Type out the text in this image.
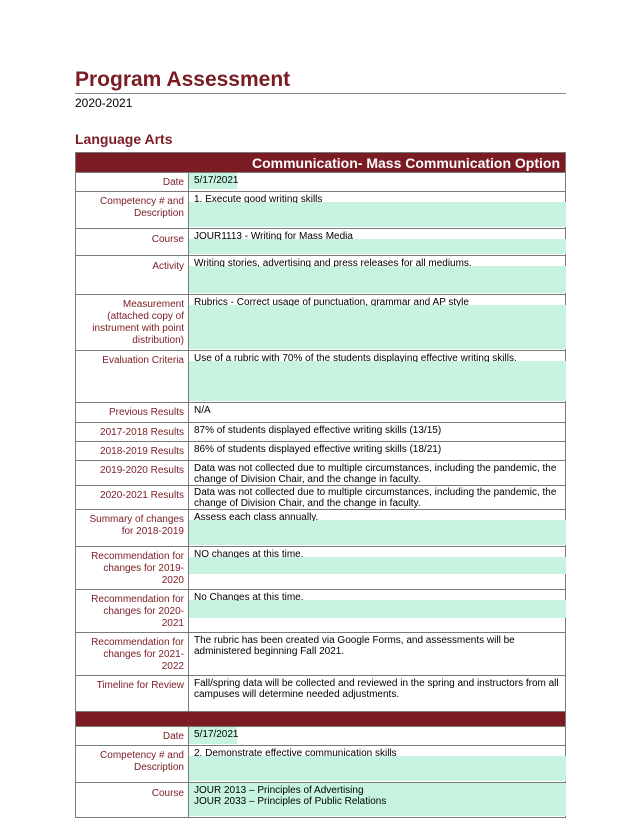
Program Assessment
2020-2021
Language Arts
Communication- Mass Communication Option	
Date	5/17/2021

Competency # and Description	1. Execute good writing skills

Course	JOUR1113 - Writing for Mass Media

Activity	Writing stories, advertising and press releases for all mediums.

Measurement (attached copy of instrument with point distribution)	Rubrics - Correct usage of punctuation, grammar and AP style

Evaluation Criteria	Use of a rubric with 70% of the students displaying effective writing skills.

Previous Results	N/A

2017-2018 Results	87% of students displayed effective writing skills (13/15)

2018-2019 Results	86% of students displayed effective writing skills (18/21)

2019-2020 Results	Data was not collected due to multiple circumstances, including the pandemic, the change of Division Chair, and the change in faculty.

2020-2021 Results	Data was not collected due to multiple circumstances, including the pandemic, the change of Division Chair, and the change in faculty.

Summary of changes for 2018-2019	Assess each class annually.

Recommendation for changes for 2019-2020	NO changes at this time.

Recommendation for changes for 2020-2021	No Changes at this time.

Recommendation for changes for 2021-2022	The rubric has been created via Google Forms, and assessments will be administered beginning Fall 2021.

Timeline for Review	Fall/spring data will be collected and reviewed in the spring and instructors from all campuses will determine needed adjustments.

Date	5/17/2021

Competency # and Description	2. Demonstrate effective communication skills

Course	JOUR 2013 – Principles of Advertising
JOUR 2033 – Principles of Public Relations
